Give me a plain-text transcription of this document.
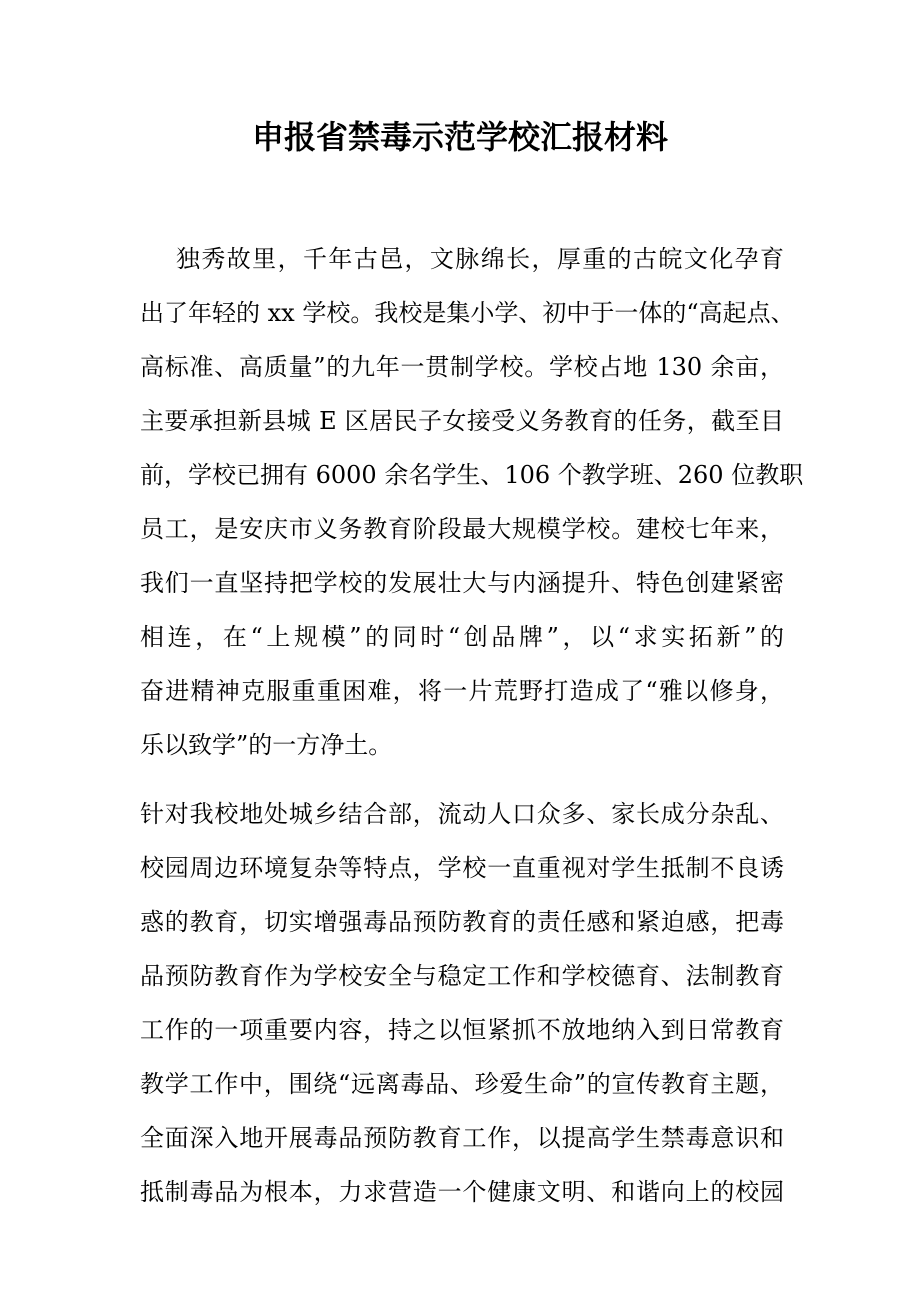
申报省禁毒示范学校汇报材料
独秀故里，千年古邑，文脉绵长，厚重的古皖文化孕育
出了年轻的 xx 学校。我校是集小学、初中于一体的“高起点、
高标准、高质量”的九年一贯制学校。学校占地 130 余亩，
主要承担新县城 E 区居民子女接受义务教育的任务，截至目
前，学校已拥有 6000 余名学生、106 个教学班、260 位教职
员工，是安庆市义务教育阶段最大规模学校。建校七年来，
我们一直坚持把学校的发展壮大与内涵提升、特色创建紧密
相连，在“上规模”的同时“创品牌”，以“求实拓新”的
奋进精神克服重重困难，将一片荒野打造成了“雅以修身，
乐以致学”的一方净土。
针对我校地处城乡结合部，流动人口众多、家长成分杂乱、
校园周边环境复杂等特点，学校一直重视对学生抵制不良诱
惑的教育，切实增强毒品预防教育的责任感和紧迫感，把毒
品预防教育作为学校安全与稳定工作和学校德育、法制教育
工作的一项重要内容，持之以恒紧抓不放地纳入到日常教育
教学工作中，围绕“远离毒品、珍爱生命”的宣传教育主题，
全面深入地开展毒品预防教育工作，以提高学生禁毒意识和
抵制毒品为根本，力求营造一个健康文明、和谐向上的校园
